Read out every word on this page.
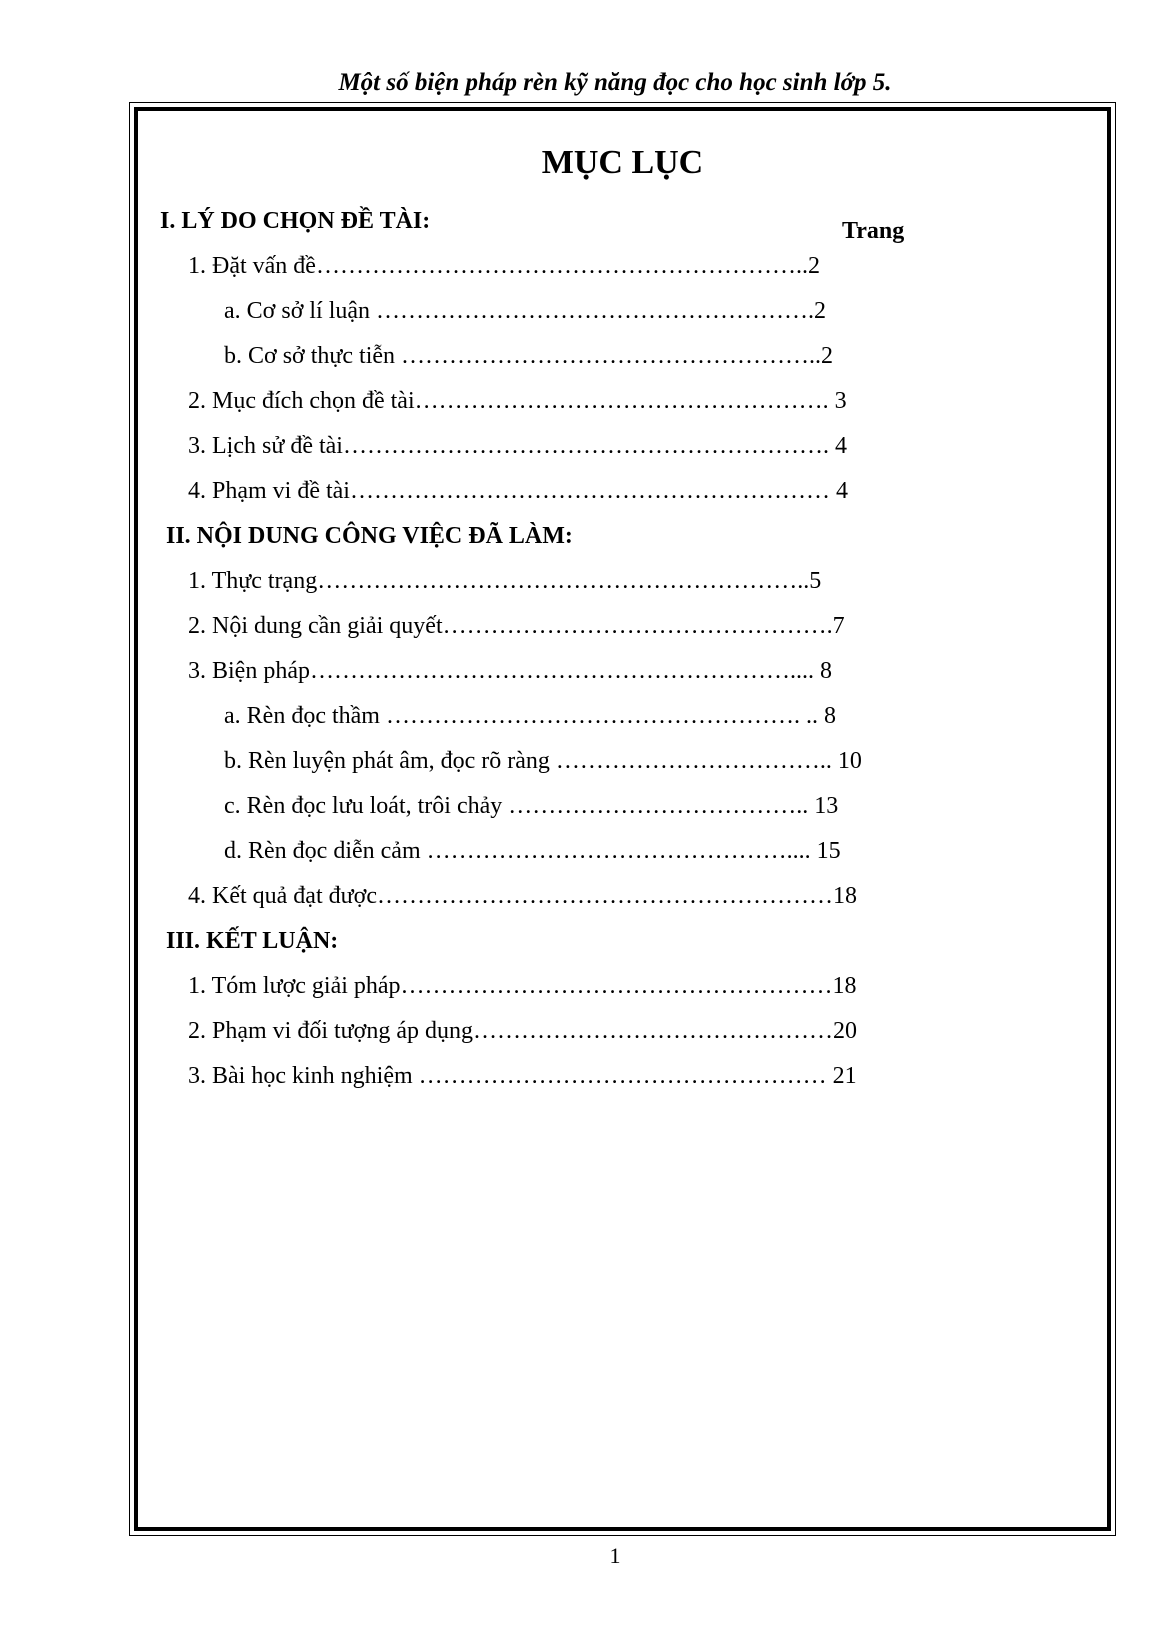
Một số biện pháp rèn kỹ năng đọc cho học sinh lớp 5.
MỤC LỤC
Trang
I. LÝ DO CHỌN ĐỀ TÀI:
1. Đặt vấn đề……………………………………………………..2
a. Cơ sở lí luận ……………………………………………….2
b. Cơ sở thực tiễn ……………………………………………..2
2. Mục đích chọn đề tài……………………………………………. 3
3. Lịch sử đề tài……………………………………………………. 4
4. Phạm vi đề tài…………………………………………………… 4
II. NỘI DUNG CÔNG VIỆC ĐÃ LÀM:
1. Thực trạng……………………………………………………..5
2. Nội dung cần giải quyết………………………………………….7
3. Biện pháp…………………………………………………….... 8
a. Rèn đọc thầm ……………………………………………. .. 8
b. Rèn luyện phát âm, đọc rõ ràng …………………………….. 10
c. Rèn đọc lưu loát, trôi chảy ……………………………….. 13
d. Rèn đọc diễn cảm ……………………………………….... 15
4. Kết quả đạt được…………………………………………………18
III. KẾT LUẬN:
1. Tóm lược giải pháp………………………………………………18
2. Phạm vi đối tượng áp dụng………………………………………20
3. Bài học kinh nghiệm …………………………………………… 21
1
